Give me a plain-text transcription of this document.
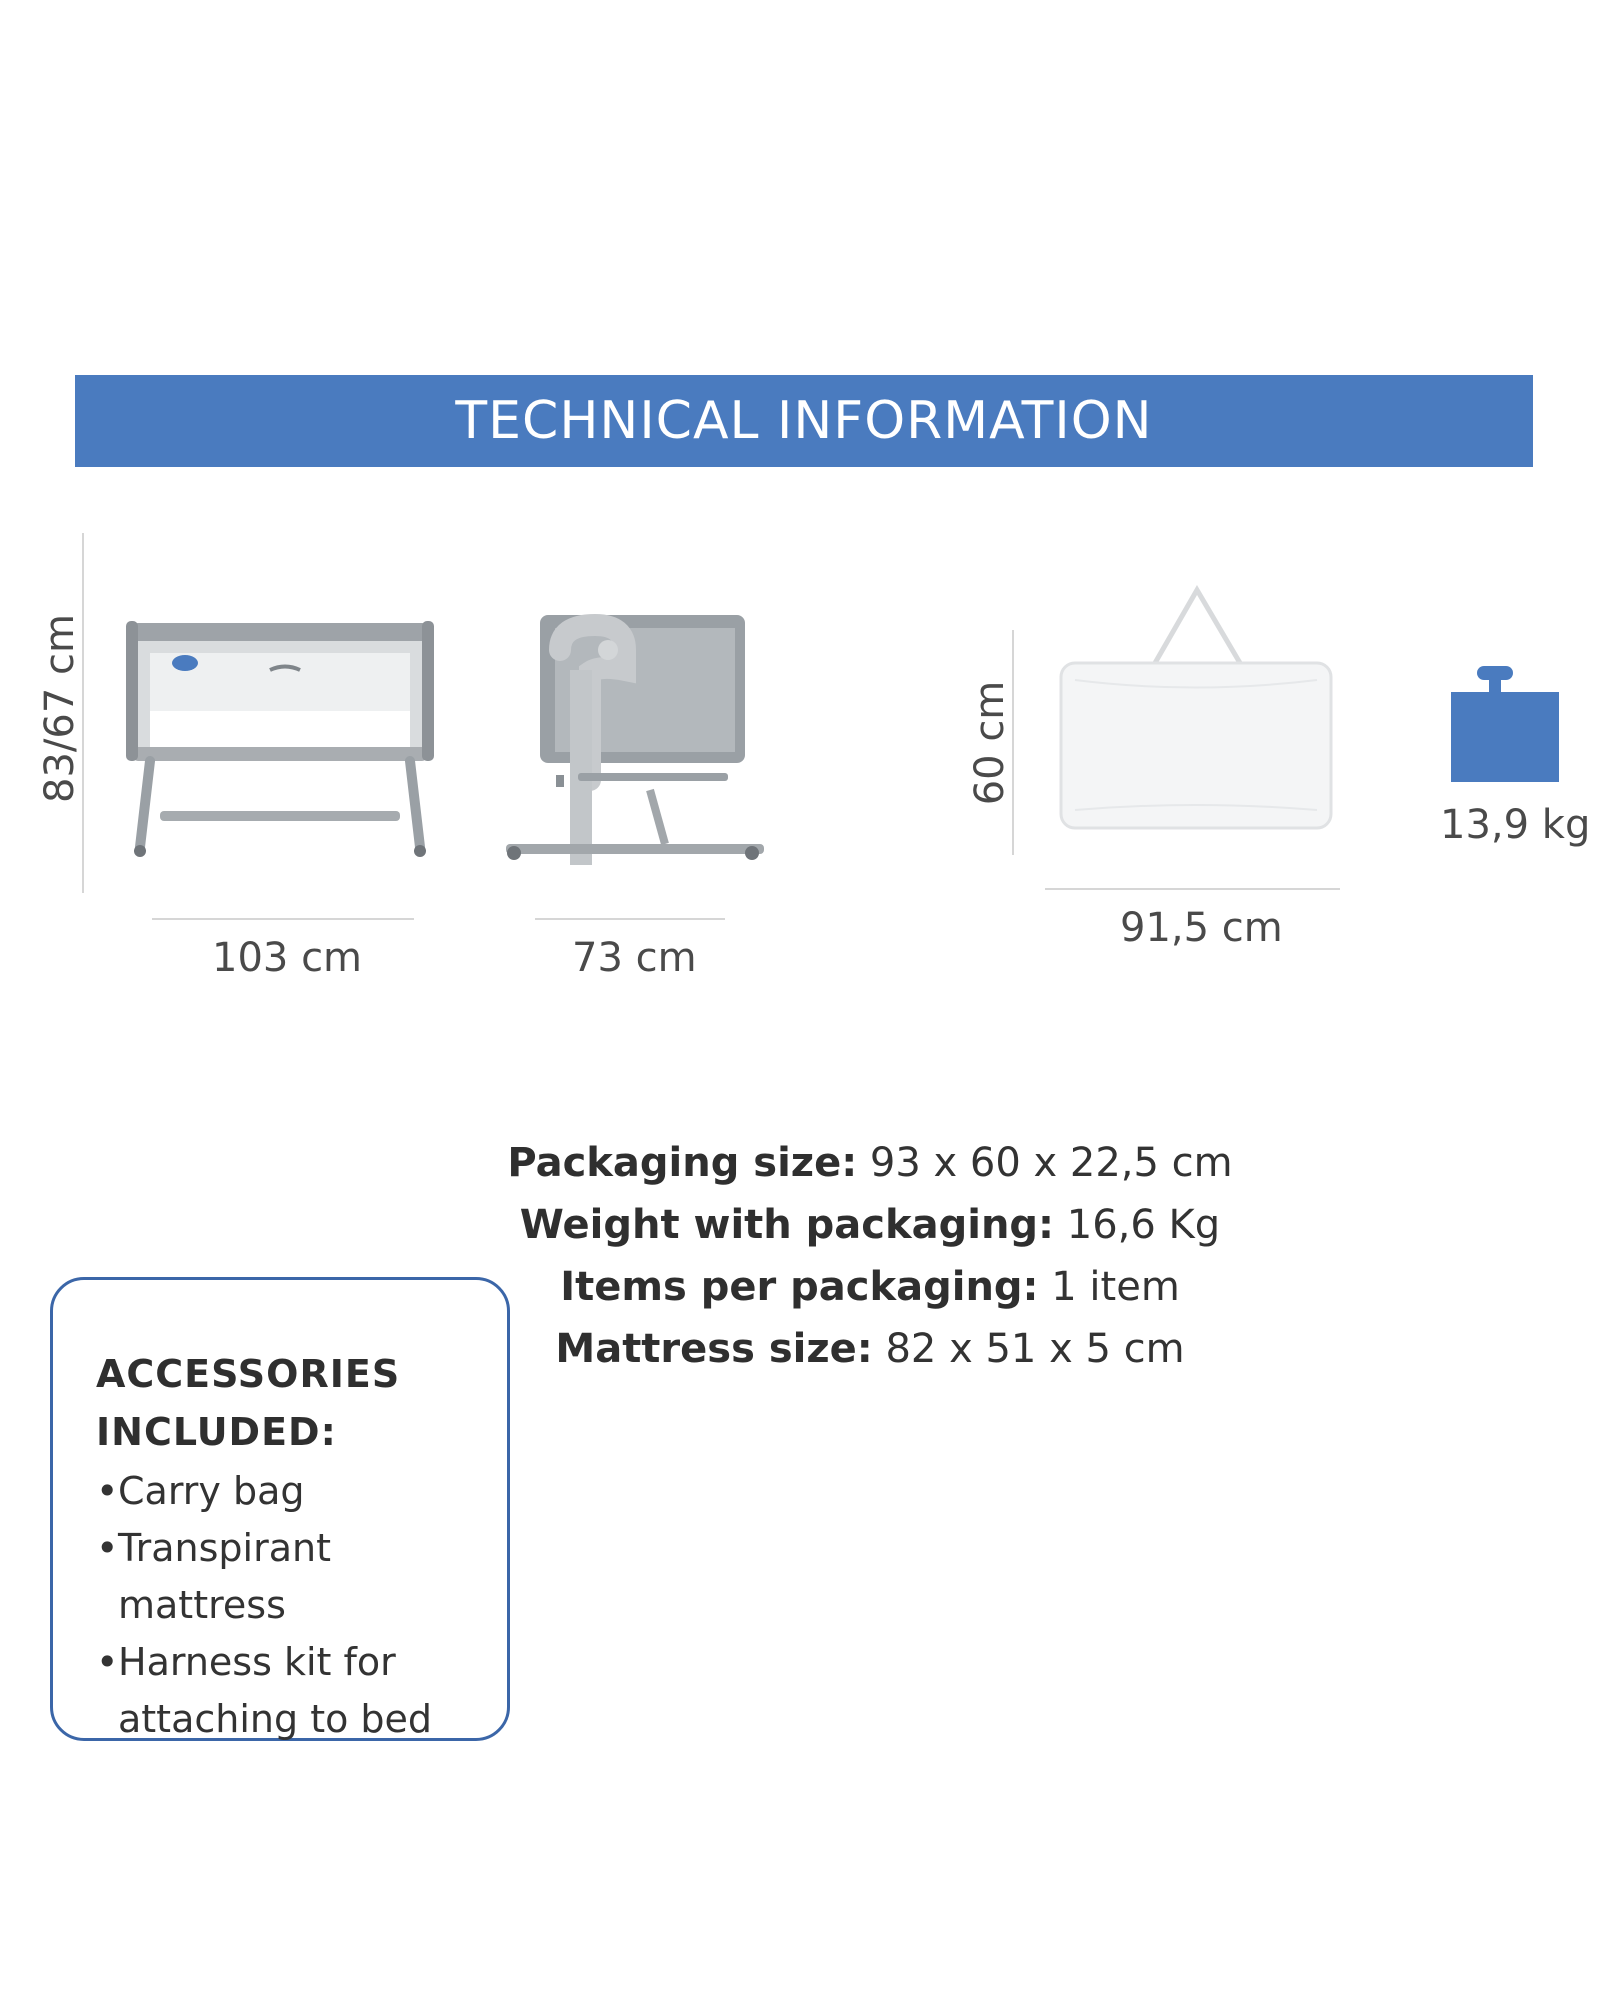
TECHNICAL INFORMATION
83/67 cm
103 cm	73 cm
60 cm
91,5 cm
13,9 kg
Packaging size: 93 x 60 x 22,5 cm
Weight with packaging: 16,6 Kg
Items per packaging: 1 item
Mattress size: 82 x 51 x 5 cm
ACCESSORIES
INCLUDED:
• Carry bag
• Transpirant mattress
• Harness kit for attaching to bed
